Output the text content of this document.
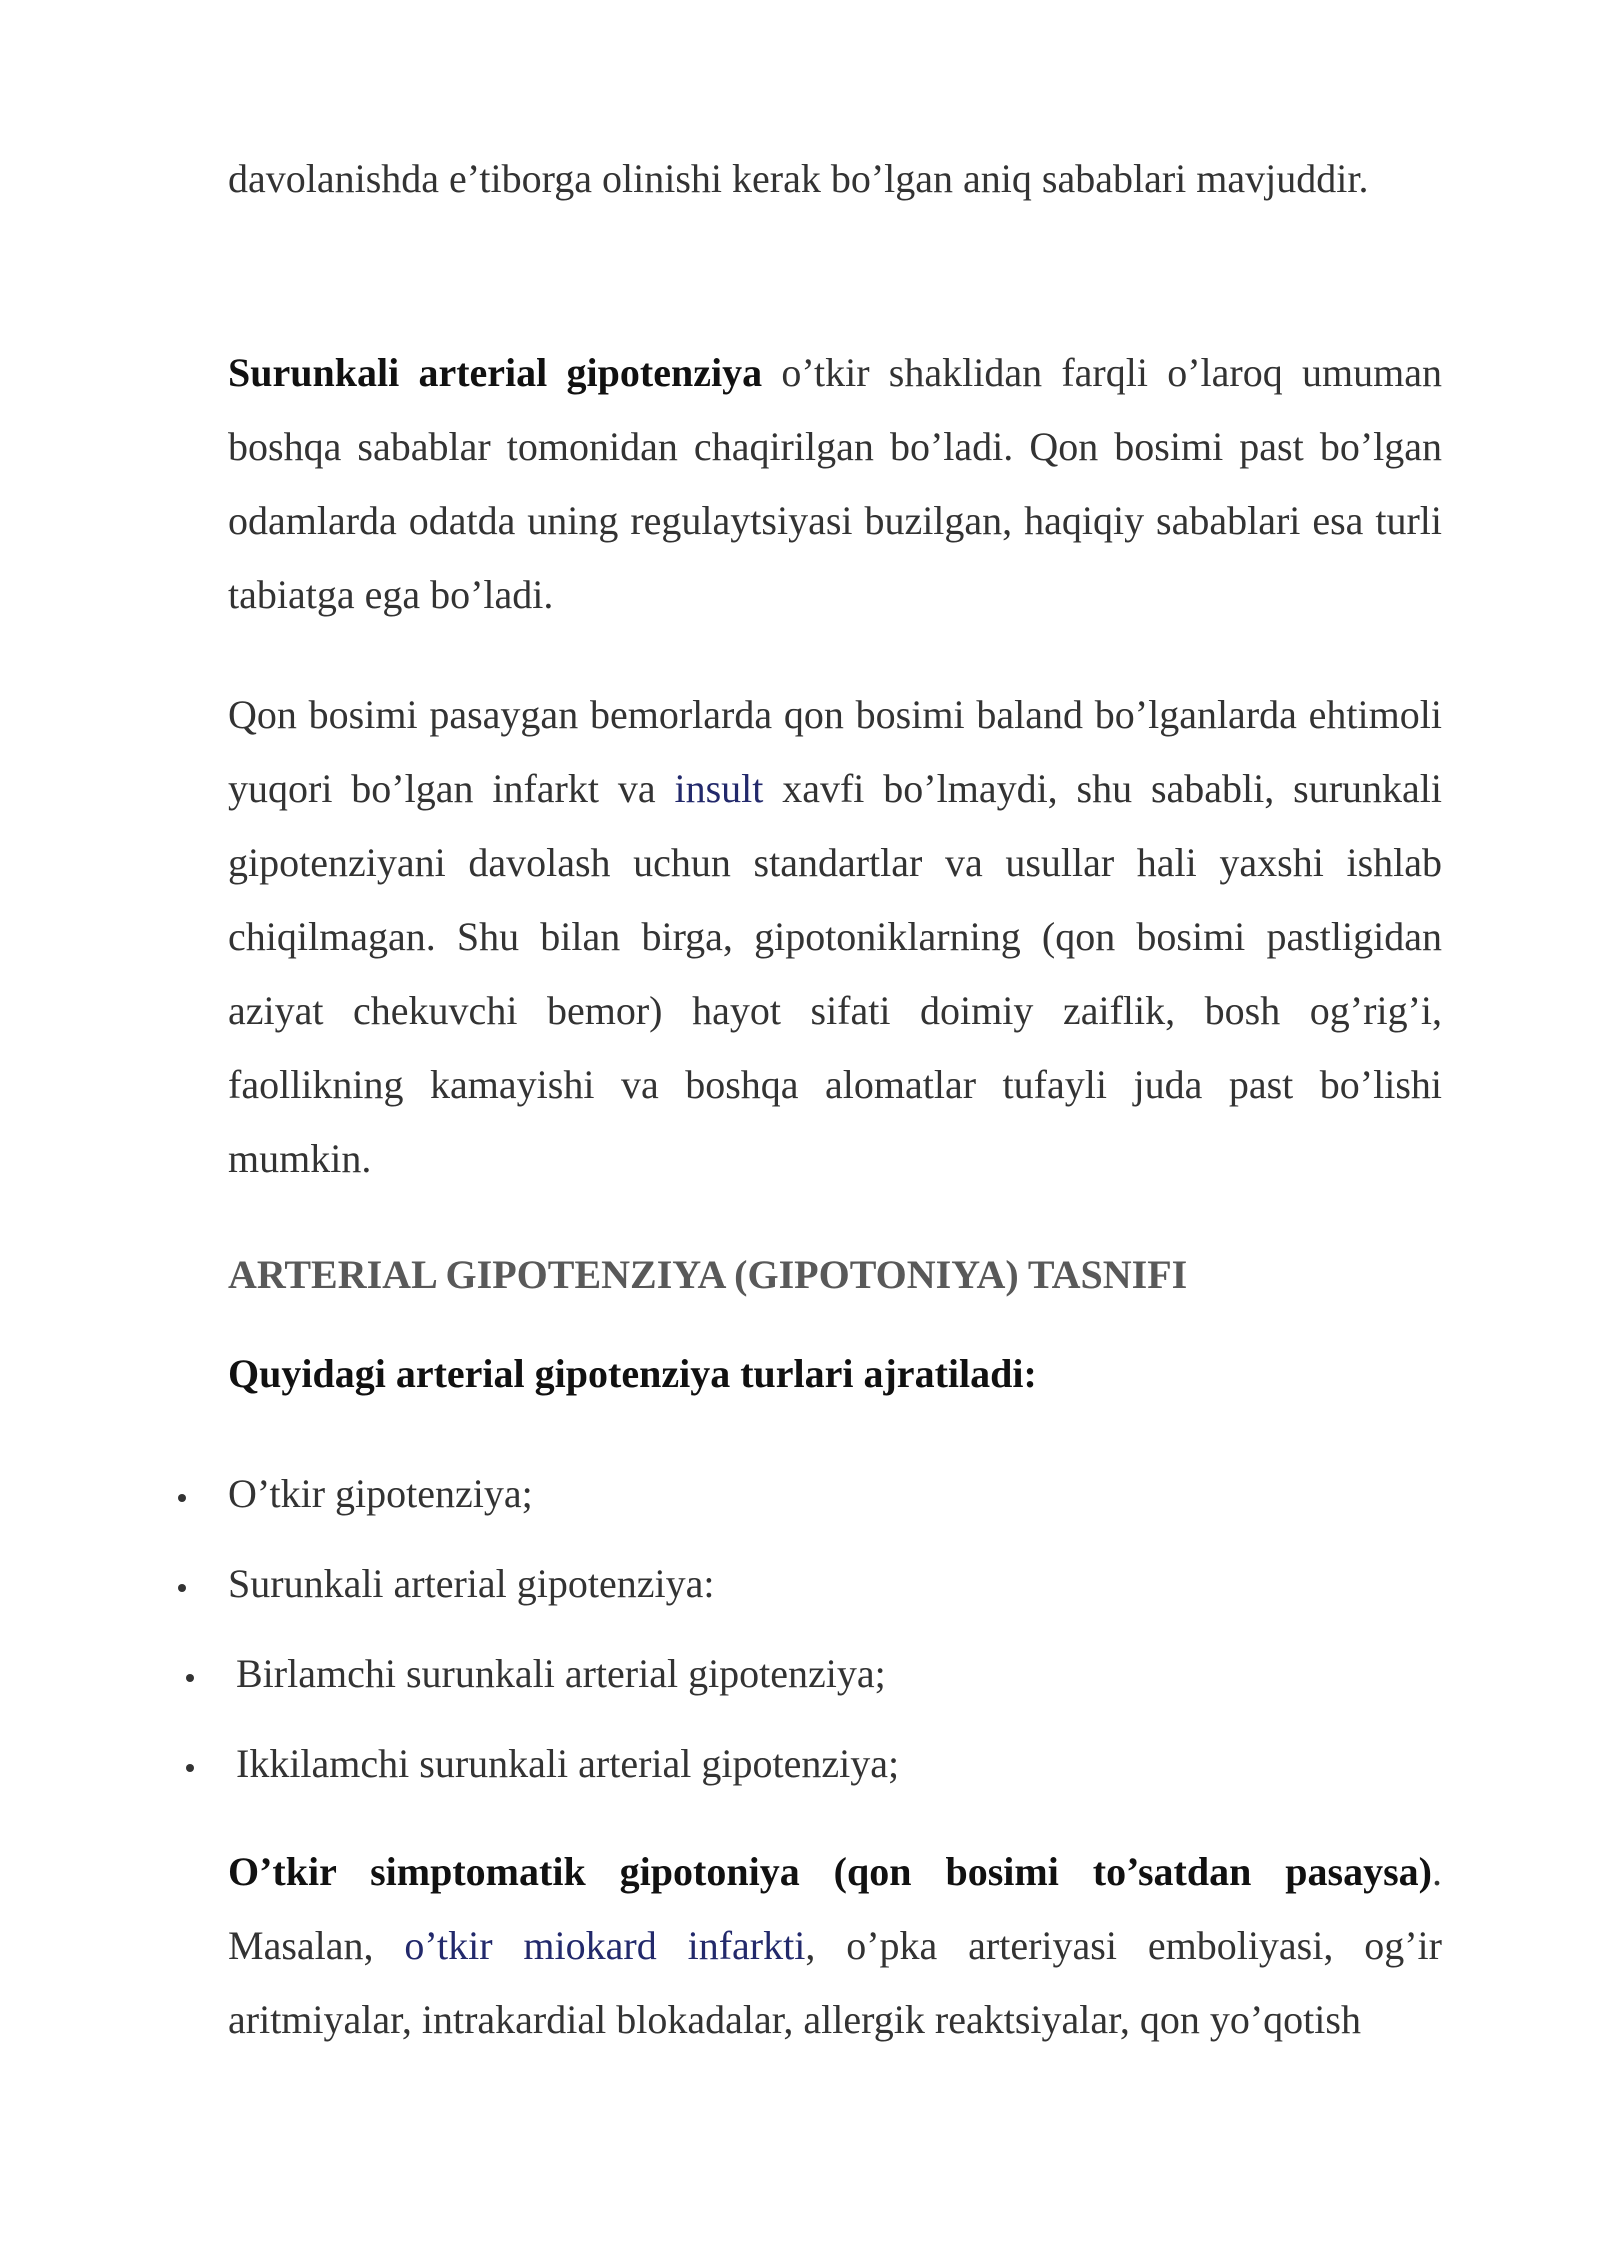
davolanishda e’tiborga olinishi kerak bo’lgan aniq sabablari mavjuddir.

Surunkali arterial gipotenziya o’tkir shaklidan farqli o’laroq umuman boshqa sabablar tomonidan chaqirilgan bo’ladi. Qon bosimi past bo’lgan odamlarda odatda uning regulaytsiyasi buzilgan, haqiqiy sabablari esa turli tabiatga ega bo’ladi.

Qon bosimi pasaygan bemorlarda qon bosimi baland bo’lganlarda ehtimoli yuqori bo’lgan infarkt va insult xavfi bo’lmaydi, shu sababli, surunkali gipotenziyani davolash uchun standartlar va usullar hali yaxshi ishlab chiqilmagan. Shu bilan birga, gipotoniklarning (qon bosimi pastligidan aziyat chekuvchi bemor) hayot sifati doimiy zaiflik, bosh og’rig’i, faollikning kamayishi va boshqa alomatlar tufayli juda past bo’lishi mumkin.

ARTERIAL GIPOTENZIYA (GIPOTONIYA) TASNIFI
Quyidagi arterial gipotenziya turlari ajratiladi:
O’tkir gipotenziya;
Surunkali arterial gipotenziya:
Birlamchi surunkali arterial gipotenziya;
Ikkilamchi surunkali arterial gipotenziya;

O’tkir simptomatik gipotoniya (qon bosimi to’satdan pasaysa). Masalan, o’tkir miokard infarkti, o’pka arteriyasi emboliyasi, og’ir aritmiyalar, intrakardial blokadalar, allergik reaktsiyalar, qon yo’qotish
